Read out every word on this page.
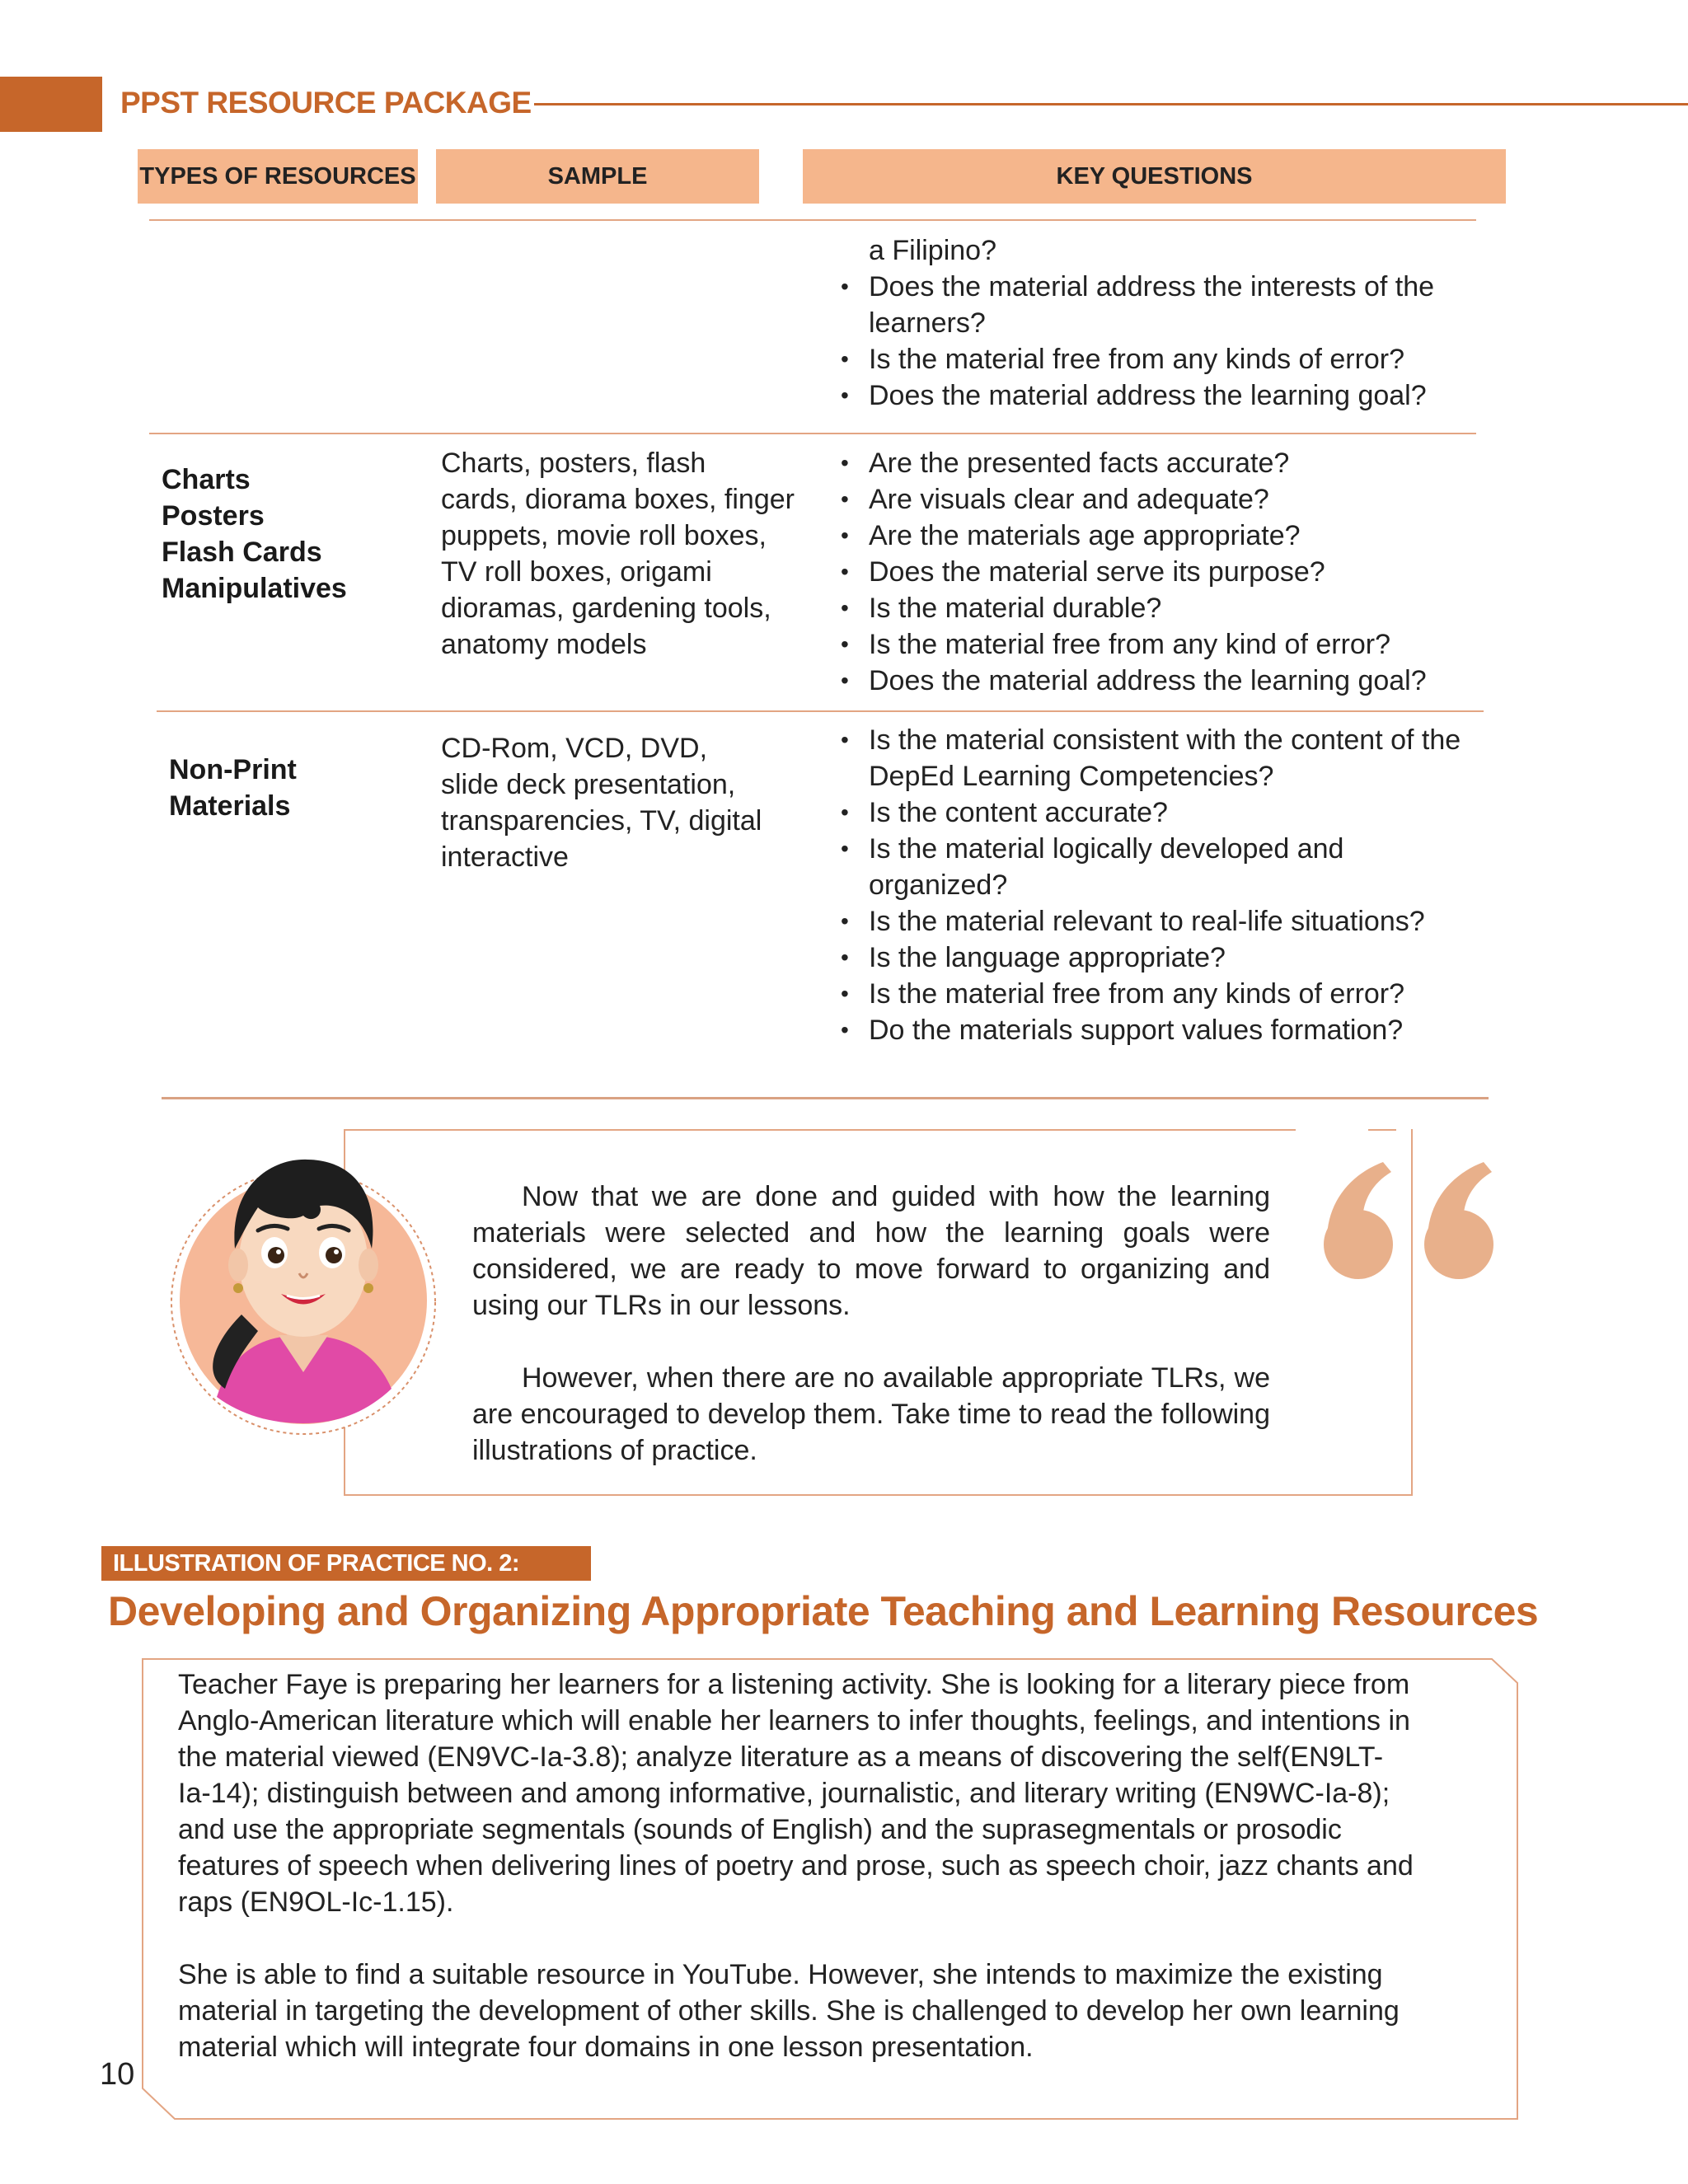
PPST RESOURCE PACKAGE
TYPES OF RESOURCES	SAMPLE	KEY QUESTIONS
a Filipino?
• Does the material address the interests of the
learners?
• Is the material free from any kinds of error?
• Does the material address the learning goal?
Charts
Posters
Flash Cards
Manipulatives
Charts, posters, flash
cards, diorama boxes, finger
puppets, movie roll boxes,
TV roll boxes, origami
dioramas, gardening tools,
anatomy models
• Are the presented facts accurate?
• Are visuals clear and adequate?
• Are the materials age appropriate?
• Does the material serve its purpose?
• Is the material durable?
• Is the material free from any kind of error?
• Does the material address the learning goal?
Non-Print
Materials
CD-Rom, VCD, DVD,
slide deck presentation,
transparencies, TV, digital
interactive
• Is the material consistent with the content of the
DepEd Learning Competencies?
• Is the content accurate?
• Is the material logically developed and
organized?
• Is the material relevant to real-life situations?
• Is the language appropriate?
• Is the material free from any kinds of error?
• Do the materials support values formation?

Now that we are done and guided with how the learning materials were selected and how the learning goals were considered, we are ready to move forward to organizing and using our TLRs in our lessons.

However, when there are no available appropriate TLRs, we are encouraged to develop them. Take time to read the following illustrations of practice.

ILLUSTRATION OF PRACTICE NO. 2:
Developing and Organizing Appropriate Teaching and Learning Resources

Teacher Faye is preparing her learners for a listening activity. She is looking for a literary piece from
Anglo-American literature which will enable her learners to infer thoughts, feelings, and intentions in
the material viewed (EN9VC-Ia-3.8); analyze literature as a means of discovering the self(EN9LT-
Ia-14); distinguish between and among informative, journalistic, and literary writing (EN9WC-Ia-8);
and use the appropriate segmentals (sounds of English) and the suprasegmentals or prosodic
features of speech when delivering lines of poetry and prose, such as speech choir, jazz chants and
raps (EN9OL-Ic-1.15).

She is able to find a suitable resource in YouTube. However, she intends to maximize the existing
material in targeting the development of other skills. She is challenged to develop her own learning
material which will integrate four domains in one lesson presentation.

10
